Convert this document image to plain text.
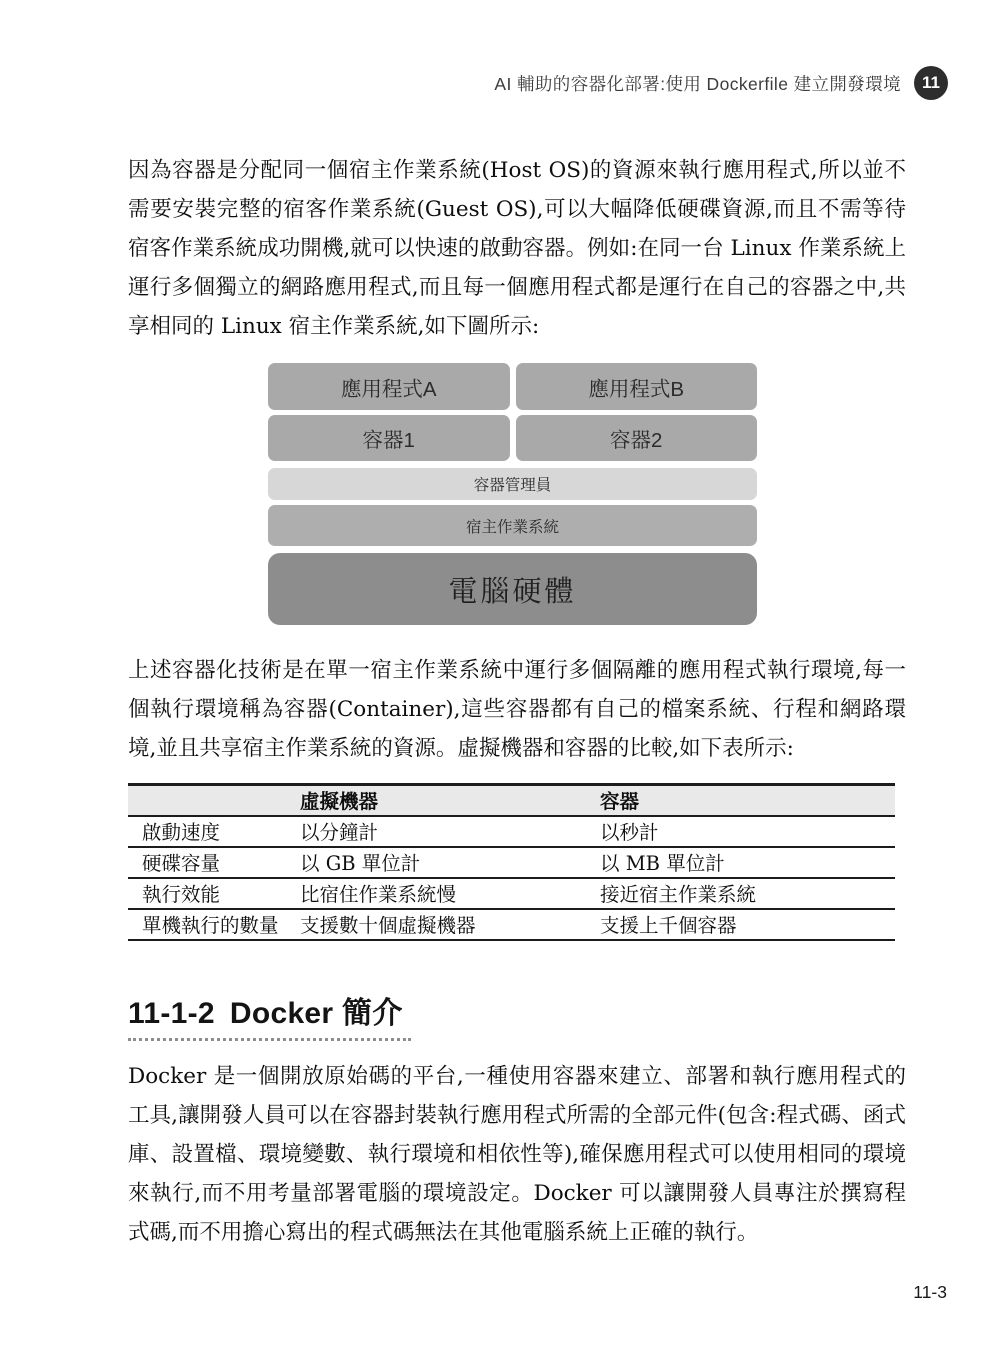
AI 輔助的容器化部署:使用 Dockerfile 建立開發環境	11

因為容器是分配同一個宿主作業系統(Host OS)的資源來執行應用程式,所以並不需要安裝完整的宿客作業系統(Guest OS),可以大幅降低硬碟資源,而且不需等待宿客作業系統成功開機,就可以快速的啟動容器。例如:在同一台 Linux 作業系統上運行多個獨立的網路應用程式,而且每一個應用程式都是運行在自己的容器之中,共享相同的 Linux 宿主作業系統,如下圖所示:

應用程式A	應用程式B
容器1	容器2
容器管理員
宿主作業系統
電腦硬體

上述容器化技術是在單一宿主作業系統中運行多個隔離的應用程式執行環境,每一個執行環境稱為容器(Container),這些容器都有自己的檔案系統、行程和網路環境,並且共享宿主作業系統的資源。虛擬機器和容器的比較,如下表所示:

	虛擬機器	容器
啟動速度	以分鐘計	以秒計
硬碟容量	以 GB 單位計	以 MB 單位計
執行效能	比宿住作業系統慢	接近宿主作業系統
單機執行的數量	支援數十個虛擬機器	支援上千個容器
11-1-2 Docker 簡介

Docker 是一個開放原始碼的平台,一種使用容器來建立、部署和執行應用程式的工具,讓開發人員可以在容器封裝執行應用程式所需的全部元件(包含:程式碼、函式庫、設置檔、環境變數、執行環境和相依性等),確保應用程式可以使用相同的環境來執行,而不用考量部署電腦的環境設定。Docker 可以讓開發人員專注於撰寫程式碼,而不用擔心寫出的程式碼無法在其他電腦系統上正確的執行。

11-3
